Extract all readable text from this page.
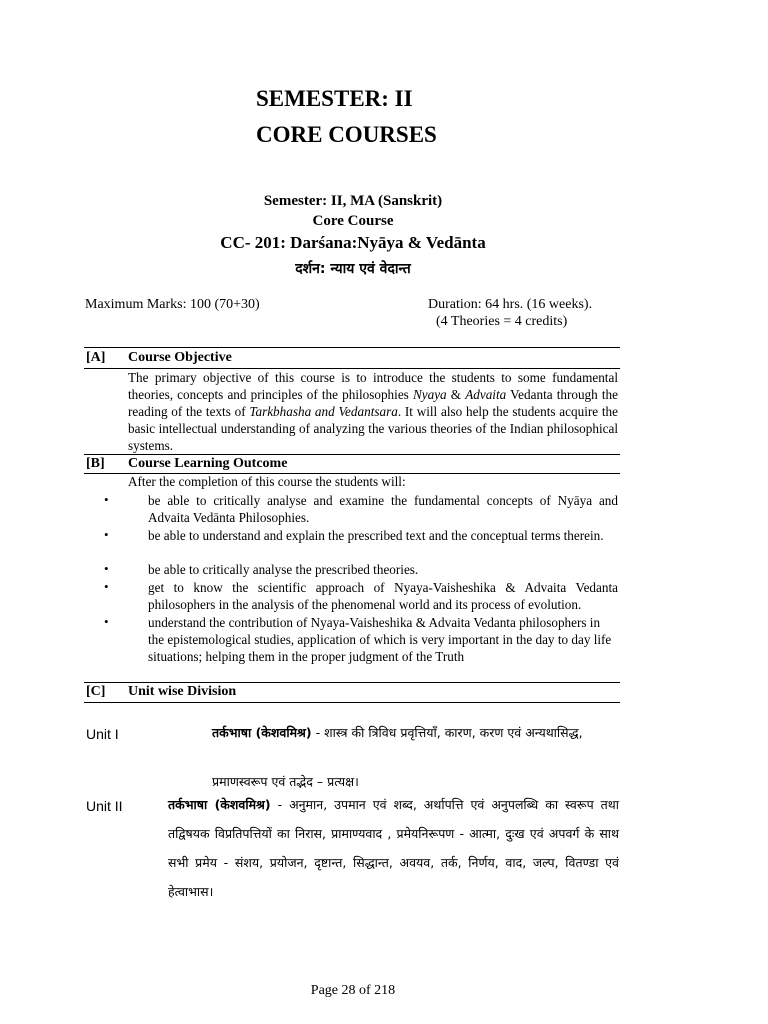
SEMESTER: II
CORE COURSES
Semester: II, MA (Sanskrit)
Core Course
CC- 201: Darśana:Nyāya & Vedānta
दर्शन: न्याय एवं वेदान्त
Maximum Marks: 100 (70+30)	Duration: 64 hrs. (16 weeks).
(4 Theories = 4 credits)
[A] Course Objective
The primary objective of this course is to introduce the students to some fundamental theories, concepts and principles of the philosophies Nyaya & Advaita Vedanta through the reading of the texts of Tarkbhasha and Vedantsara. It will also help the students acquire the basic intellectual understanding of analyzing the various theories of the Indian philosophical systems.
[B] Course Learning Outcome
After the completion of this course the students will:
•	be able to critically analyse and examine the fundamental concepts of Nyāya and Advaita Vedānta Philosophies.
•	be able to understand and explain the prescribed text and the conceptual terms therein.
•	be able to critically analyse the prescribed theories.
•	get to know the scientific approach of Nyaya-Vaisheshika & Advaita Vedanta philosophers in the analysis of the phenomenal world and its process of evolution.
•	understand the contribution of Nyaya-Vaisheshika & Advaita Vedanta philosophers in the epistemological studies, application of which is very important in the day to day life situations; helping them in the proper judgment of the Truth
[C] Unit wise Division
Unit I	तर्कभाषा (केशवमिश्र) - शास्त्र की त्रिविध प्रवृत्तियाँ, कारण, करण एवं अन्यथासिद्ध,
प्रमाणस्वरूप एवं तद्भेद – प्रत्यक्ष।
Unit II	तर्कभाषा (केशवमिश्र) - अनुमान, उपमान एवं शब्द, अर्थापत्ति एवं अनुपलब्धि का स्वरूप तथा तद्विषयक विप्रतिपत्तियों का निरास, प्रामाण्यवाद , प्रमेयनिरूपण - आत्मा, दुःख एवं अपवर्ग के साथ सभी प्रमेय - संशय, प्रयोजन, दृष्टान्त, सिद्धान्त, अवयव, तर्क, निर्णय, वाद, जल्प, वितण्डा एवं हेत्वाभास।
Page 28 of 218
